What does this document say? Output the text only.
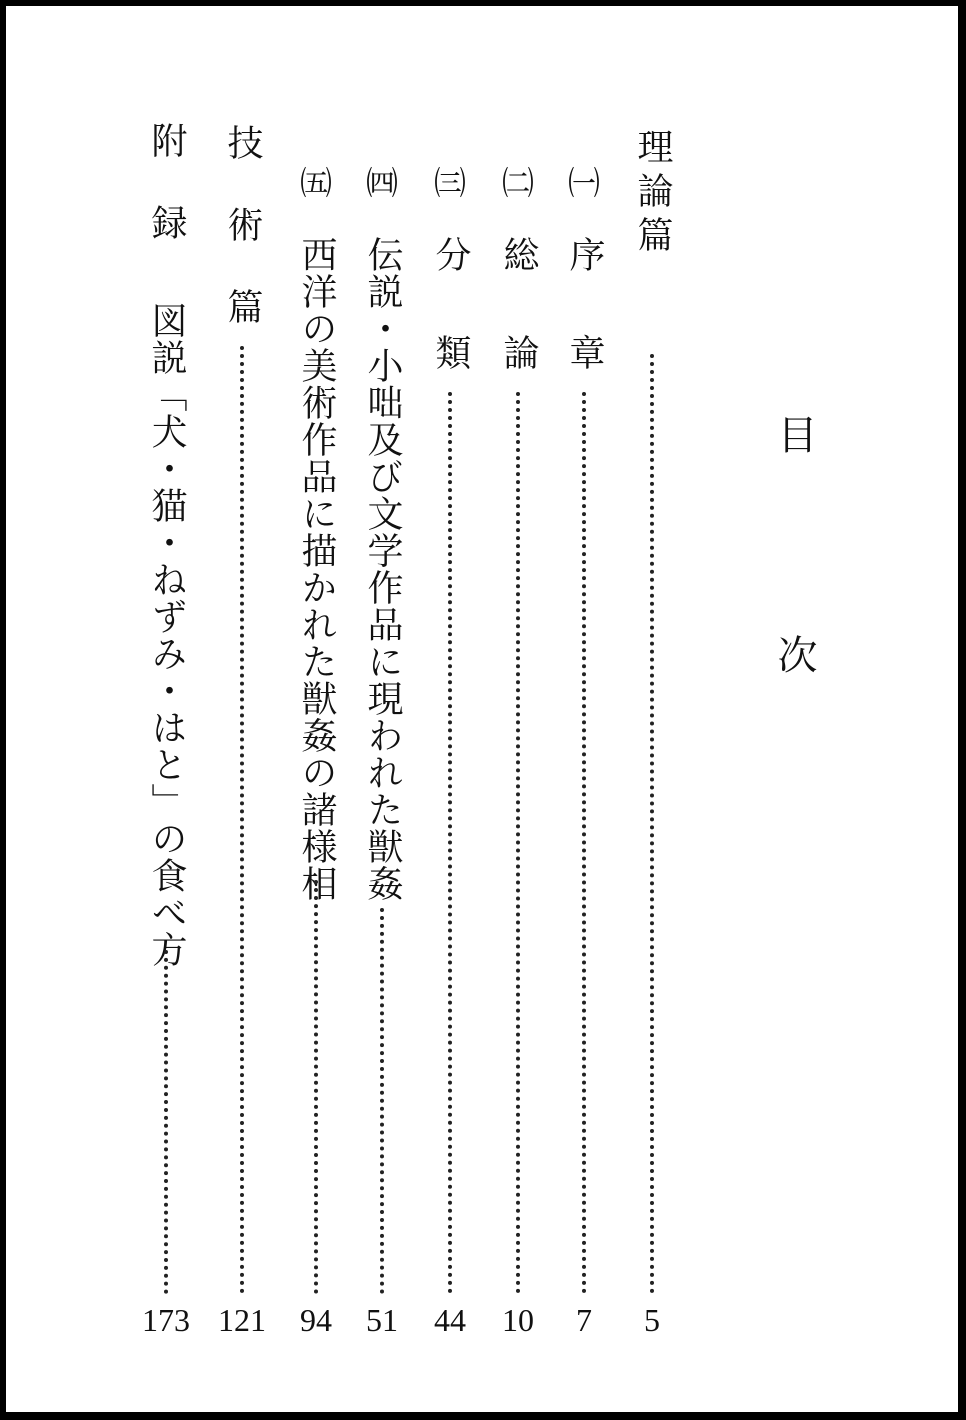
目次
理論篇
5
㈠
序章
7
㈡
総論
10
㈢
分類
44
㈣
伝説・小咄及び文学作品に現われた獣姦
51
㈤
西洋の美術作品に描かれた獣姦の諸様相
94
技術篇
121
附録
図説「犬・猫・ねずみ・はと」の食べ方
173
